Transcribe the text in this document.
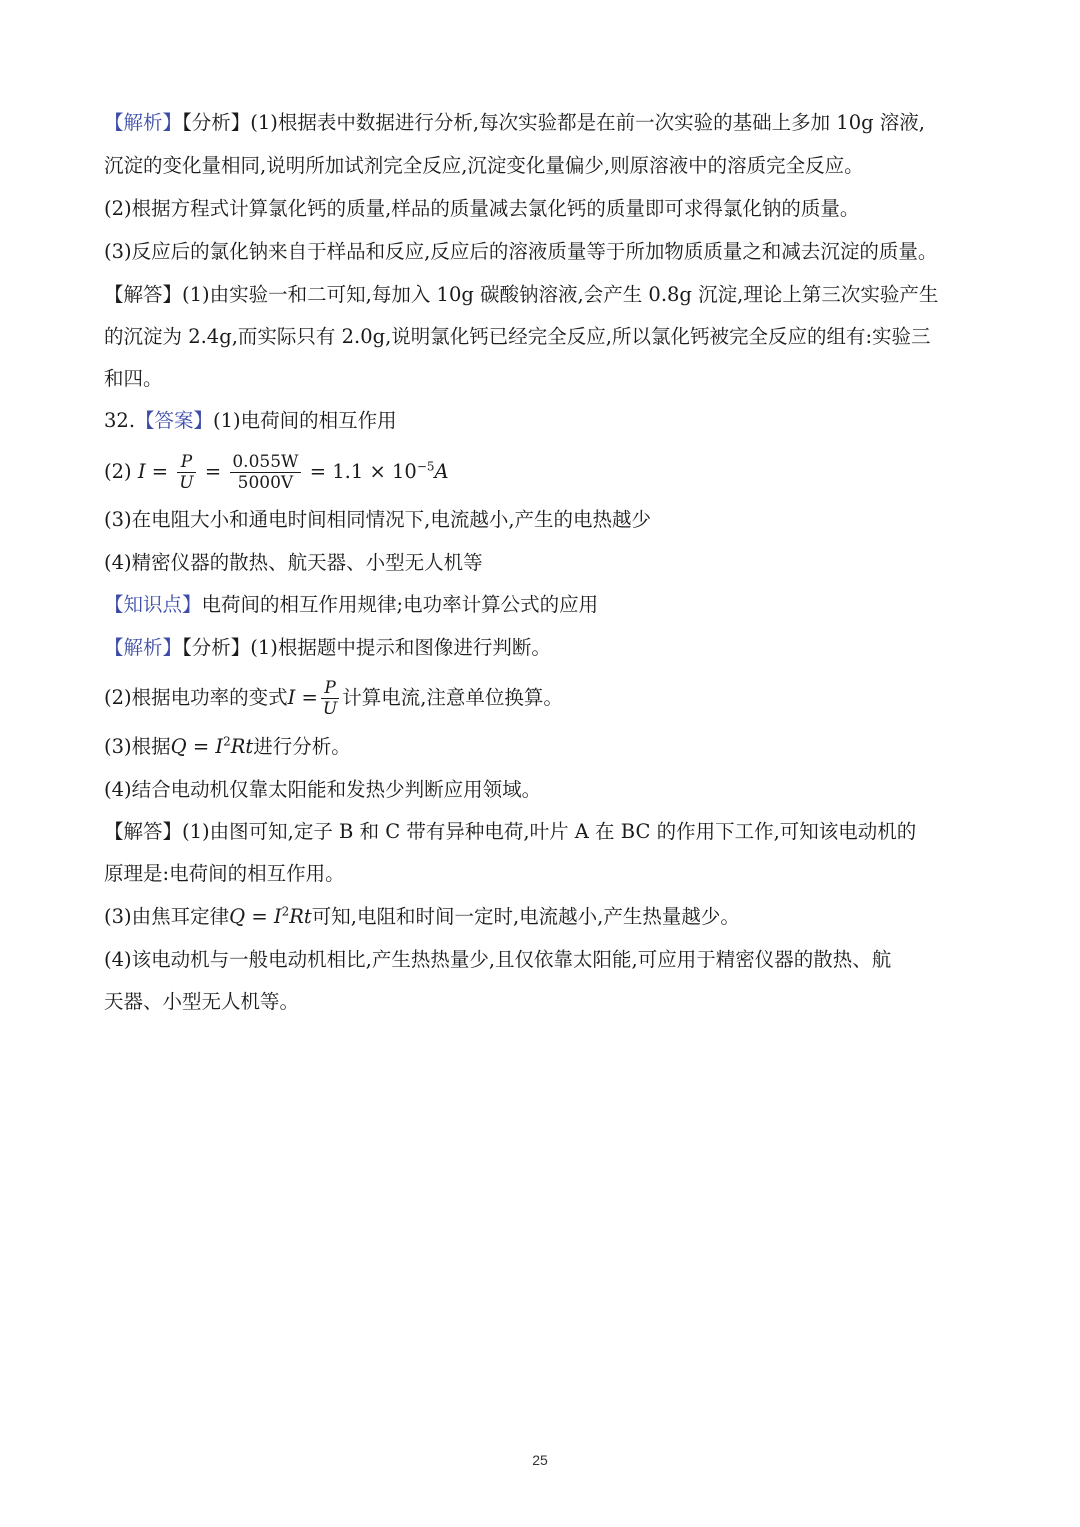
【解析】【分析】(1)根据表中数据进行分析,每次实验都是在前一次实验的基础上多加 10g 溶液,
沉淀的变化量相同,说明所加试剂完全反应,沉淀变化量偏少,则原溶液中的溶质完全反应。
(2)根据方程式计算氯化钙的质量,样品的质量减去氯化钙的质量即可求得氯化钠的质量。
(3)反应后的氯化钠来自于样品和反应,反应后的溶液质量等于所加物质质量之和减去沉淀的质量。
【解答】(1)由实验一和二可知,每加入 10g 碳酸钠溶液,会产生 0.8g 沉淀,理论上第三次实验产生
的沉淀为 2.4g,而实际只有 2.0g,说明氯化钙已经完全反应,所以氯化钙被完全反应的组有:实验三
和四。
32.【答案】(1)电荷间的相互作用
(2) $I = \frac{P}{U} = \frac{0.055W}{5000V} = 1.1 \times 10^{-5}A$
(3)在电阻大小和通电时间相同情况下,电流越小,产生的电热越少
(4)精密仪器的散热、航天器、小型无人机等
【知识点】电荷间的相互作用规律;电功率计算公式的应用
【解析】【分析】(1)根据题中提示和图像进行判断。
(2)根据电功率的变式$I = \frac{P}{U}$ 计算电流,注意单位换算。
(3)根据$Q = I^2Rt$进行分析。
(4)结合电动机仅靠太阳能和发热少判断应用领域。
【解答】(1)由图可知,定子 B 和 C 带有异种电荷,叶片 A 在 BC 的作用下工作,可知该电动机的
原理是:电荷间的相互作用。
(3)由焦耳定律$Q = I^2Rt$可知,电阻和时间一定时,电流越小,产生热量越少。
(4)该电动机与一般电动机相比,产生热热量少,且仅依靠太阳能,可应用于精密仪器的散热、航
天器、小型无人机等。
25
